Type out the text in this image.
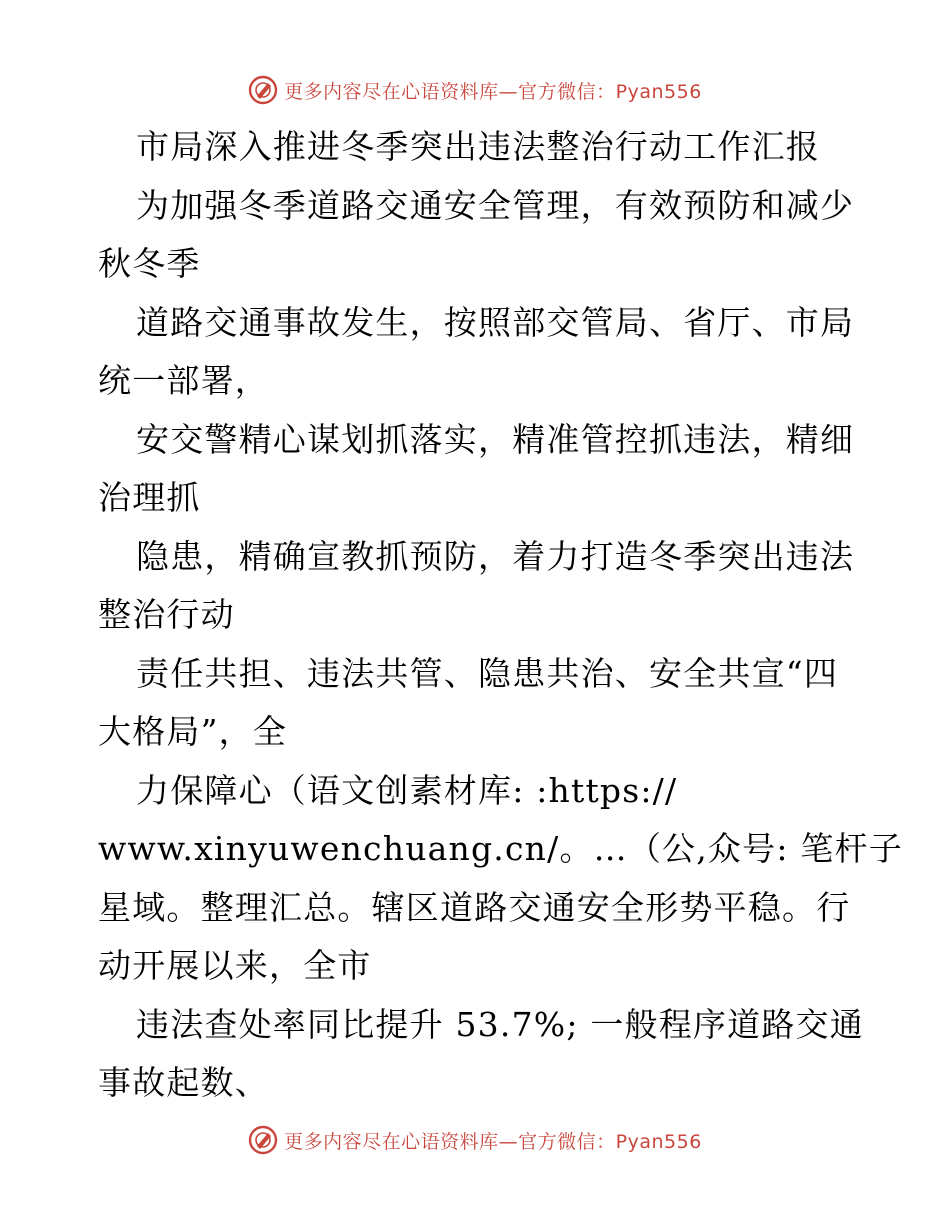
更多内容尽在心语资料库—官方微信：Pyan556
市局深入推进冬季突出违法整治行动工作汇报
为加强冬季道路交通安全管理，有效预防和减少
秋冬季
道路交通事故发生，按照部交管局、省厅、市局
统一部署，
安交警精心谋划抓落实，精准管控抓违法，精细
治理抓
隐患，精确宣教抓预防，着力打造冬季突出违法
整治行动
责任共担、违法共管、隐患共治、安全共宣“四
大格局”，全
力保障心（语文创素材库: :https://
www.xinyuwenchuang.cn/。…（公,众号: 笔杆子
星域。整理汇总。辖区道路交通安全形势平稳。行
动开展以来，全市
违法查处率同比提升 53.7%; 一般程序道路交通
事故起数、
更多内容尽在心语资料库—官方微信：Pyan556
